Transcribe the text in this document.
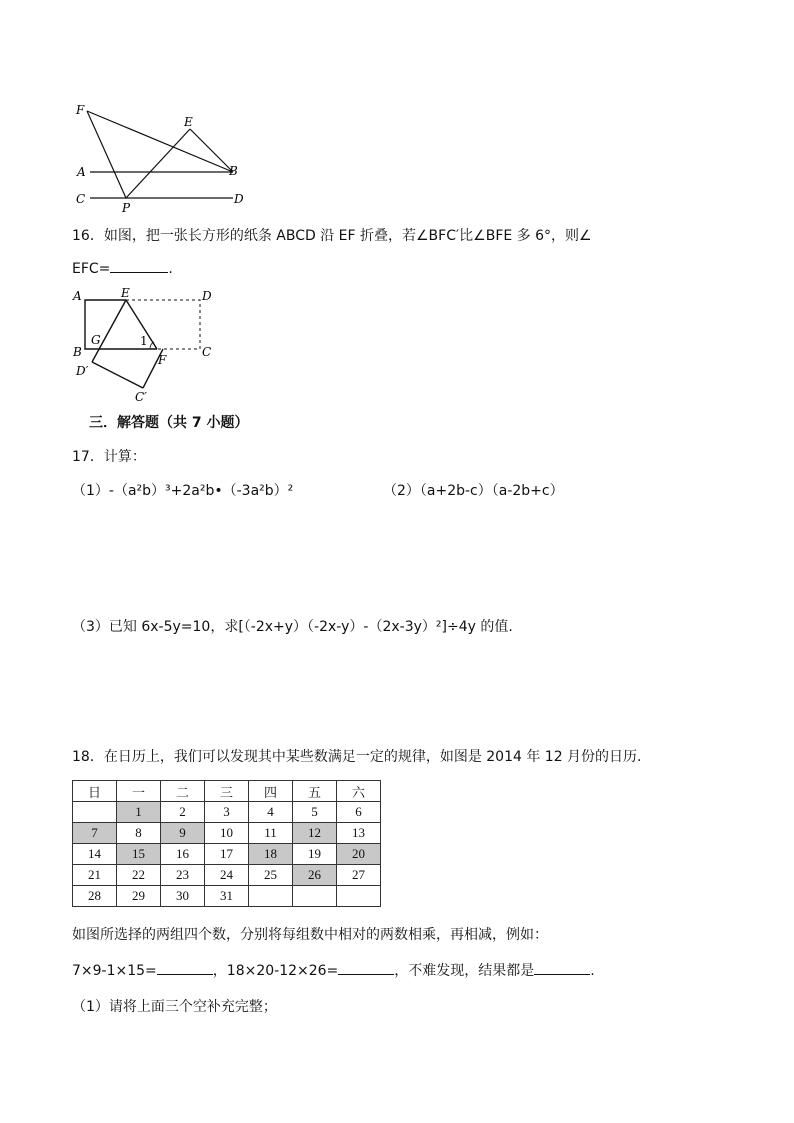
F
E
A	B
C	D
P
16．如图，把一张长方形的纸条 ABCD 沿 EF 折叠，若∠BFC′比∠BFE 多 6°，则∠
EFC=	.
A	E	D
B
G	1
C
D′
F
C′
三．解答题（共 7 小题）
17．计算：
（1）-（a²b）³+2a²b•（-3a²b）²	（2）（a+2b-c）（a-2b+c）
（3）已知 6x-5y=10，求[（-2x+y）（-2x-y）-（2x-3y）²]÷4y 的值.
18．在日历上，我们可以发现其中某些数满足一定的规律，如图是 2014 年 12 月份的日历.
日	一	二	三	四	五	六
	1	2	3	4	5	6
7	8	9	10	11	12	13
14	15	16	17	18	19	20
21	22	23	24	25	26	27
28	29	30	31			
如图所选择的两组四个数，分别将每组数中相对的两数相乘，再相减，例如：
7×9-1×15=	，18×20-12×26=	，不难发现，结果都是	.
（1）请将上面三个空补充完整；
